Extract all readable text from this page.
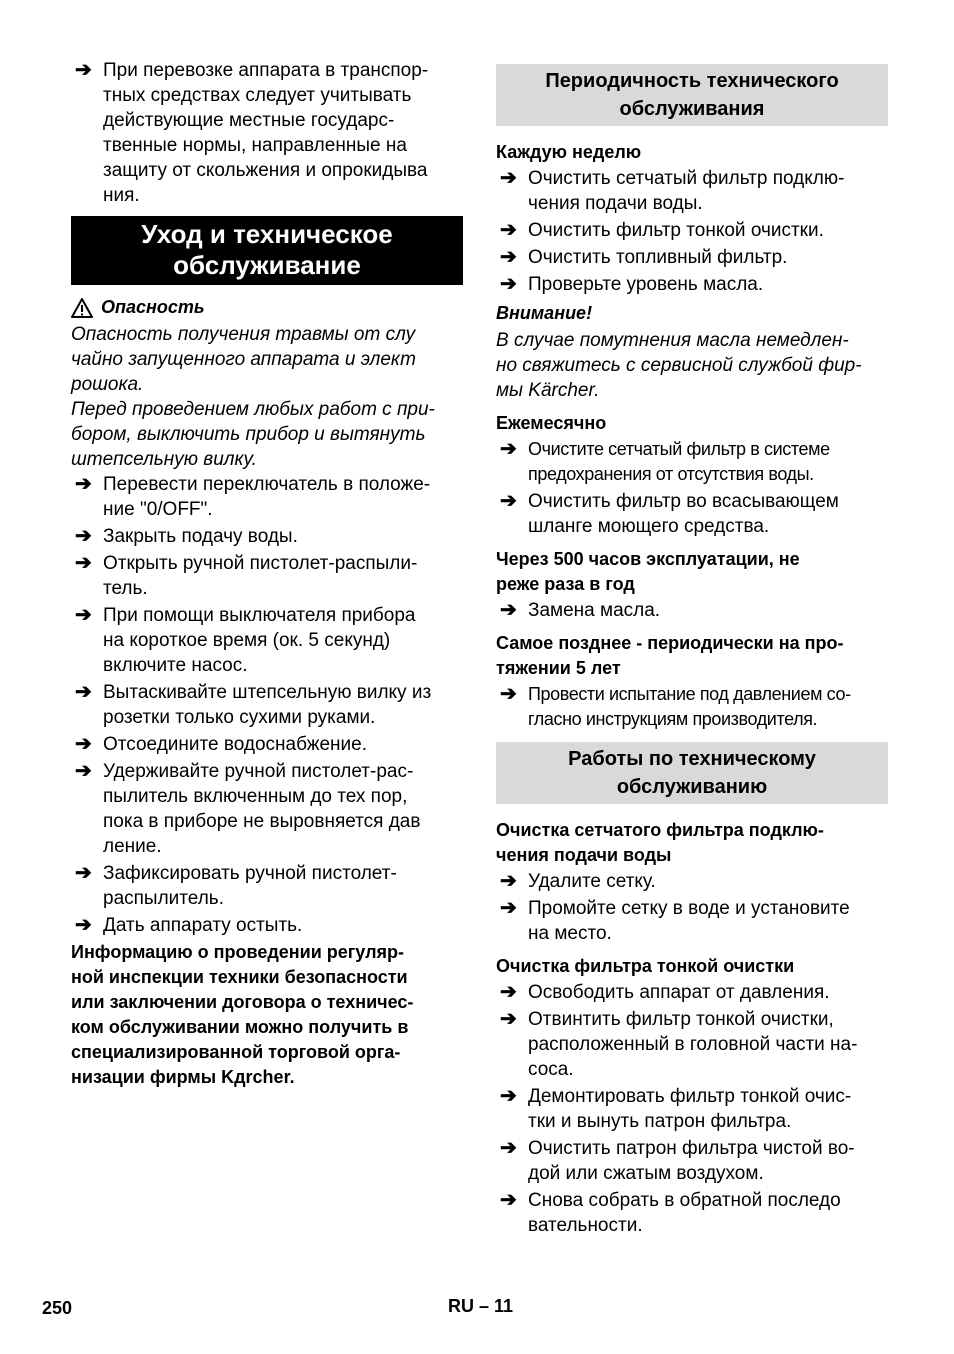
➔ При перевозке аппарата в транспор-
тных средствах следует учитывать
действующие местные государс-
твенные нормы, направленные на
защиту от скольжения и опрокидыва
ния.
Уход и техническое
обслуживание
Опасность
Опасность получения травмы от слу
чайно запущенного аппарата и элект
рошока.
Перед проведением любых работ с при-
бором, выключить прибор и вытянуть
штепсельную вилку.
➔ Перевести переключатель в положе-
ние "0/OFF".
➔ Закрыть подачу воды.
➔ Открыть ручной пистолет-распыли-
тель.
➔ При помощи выключателя прибора
на короткое время (ок. 5 секунд)
включите насос.
➔ Вытаскивайте штепсельную вилку из
розетки только сухими руками.
➔ Отсоедините водоснабжение.
➔ Удерживайте ручной пистолет-рас-
пылитель включенным до тех пор,
пока в приборе не выровняется дав
ление.
➔ Зафиксировать ручной пистолет-
распылитель.
➔ Дать аппарату остыть.
Информацию о проведении регуляр-
ной инспекции техники безопасности
или заключении договора о техничес-
ком обслуживании можно получить в
специализированной торговой орга-
низации фирмы Kдrcher.
Периодичность технического
обслуживания
Каждую неделю
➔ Очистить сетчатый фильтр подклю-
чения подачи воды.
➔ Очистить фильтр тонкой очистки.
➔ Очистить топливный фильтр.
➔ Проверьте уровень масла.
Внимание!
В случае помутнения масла немедлен-
но свяжитесь с сервисной службой фир-
мы Kärcher.
Ежемесячно
➔ Очистите сетчатый фильтр в системе
предохранения от отсутствия воды.
➔ Очистить фильтр во всасывающем
шланге моющего средства.
Через 500 часов эксплуатации, не
реже раза в год
➔ Замена масла.
Самое позднее - периодически на про-
тяжении 5 лет
➔ Провести испытание под давлением со-
гласно инструкциям производителя.
Работы по техническому
обслуживанию
Очистка сетчатого фильтра подклю-
чения подачи воды
➔ Удалите сетку.
➔ Промойте сетку в воде и установите
на место.
Очистка фильтра тонкой очистки
➔ Освободить аппарат от давления.
➔ Отвинтить фильтр тонкой очистки,
расположенный в головной части на-
соса.
➔ Демонтировать фильтр тонкой очис-
тки и вынуть патрон фильтра.
➔ Очистить патрон фильтра чистой во-
дой или сжатым воздухом.
➔ Снова собрать в обратной последо
вательности.
250	RU – 11
